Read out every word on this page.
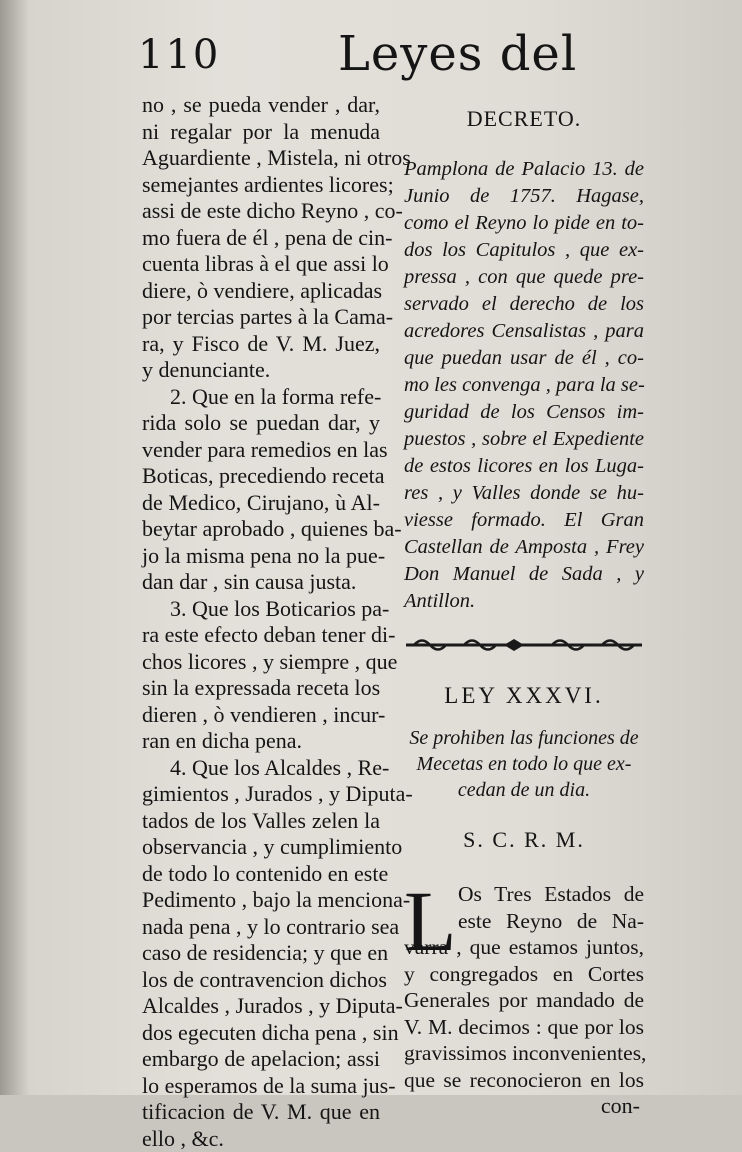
110 Leyes del
no , se pueda vender , dar,
ni regalar por la menuda
Aguardiente , Mistela, ni otros
semejantes ardientes licores;
assi de este dicho Reyno , co-
mo fuera de él , pena de cin-
cuenta libras à el que assi lo
diere, ò vendiere, aplicadas
por tercias partes à la Cama-
ra, y Fisco de V. M. Juez,
y denunciante.
2. Que en la forma refe-
rida solo se puedan dar, y
vender para remedios en las
Boticas, precediendo receta
de Medico, Cirujano, ù Al-
beytar aprobado , quienes ba-
jo la misma pena no la pue-
dan dar , sin causa justa.
3. Que los Boticarios pa-
ra este efecto deban tener di-
chos licores , y siempre , que
sin la expressada receta los
dieren , ò vendieren , incur-
ran en dicha pena.
4. Que los Alcaldes , Re-
gimientos , Jurados , y Diputa-
tados de los Valles zelen la
observancia , y cumplimiento
de todo lo contenido en este
Pedimento , bajo la menciona-
nada pena , y lo contrario sea
caso de residencia; y que en
los de contravencion dichos
Alcaldes , Jurados , y Diputa-
dos egecuten dicha pena , sin
embargo de apelacion; assi
lo esperamos de la suma jus-
tificacion de V. M. que en
ello , &c.
DECRETO.
Pamplona de Palacio 13. de
Junio de 1757. Hagase,
como el Reyno lo pide en to-
dos los Capitulos , que ex-
pressa , con que quede pre-
servado el derecho de los
acredores Censalistas , para
que puedan usar de él , co-
mo les convenga , para la se-
guridad de los Censos im-
puestos , sobre el Expediente
de estos licores en los Luga-
res , y Valles donde se hu-
viesse formado. El Gran
Castellan de Amposta , Frey
Don Manuel de Sada , y
Antillon.
LEY XXXVI.
Se prohiben las funciones de
Mecetas en todo lo que ex-
cedan de un dia.
S. C. R. M.
L Os Tres Estados de
este Reyno de Na-
varra , que estamos juntos,
y congregados en Cortes
Generales por mandado de
V. M. decimos : que por los
gravissimos inconvenientes,
que se reconocieron en los
con-
